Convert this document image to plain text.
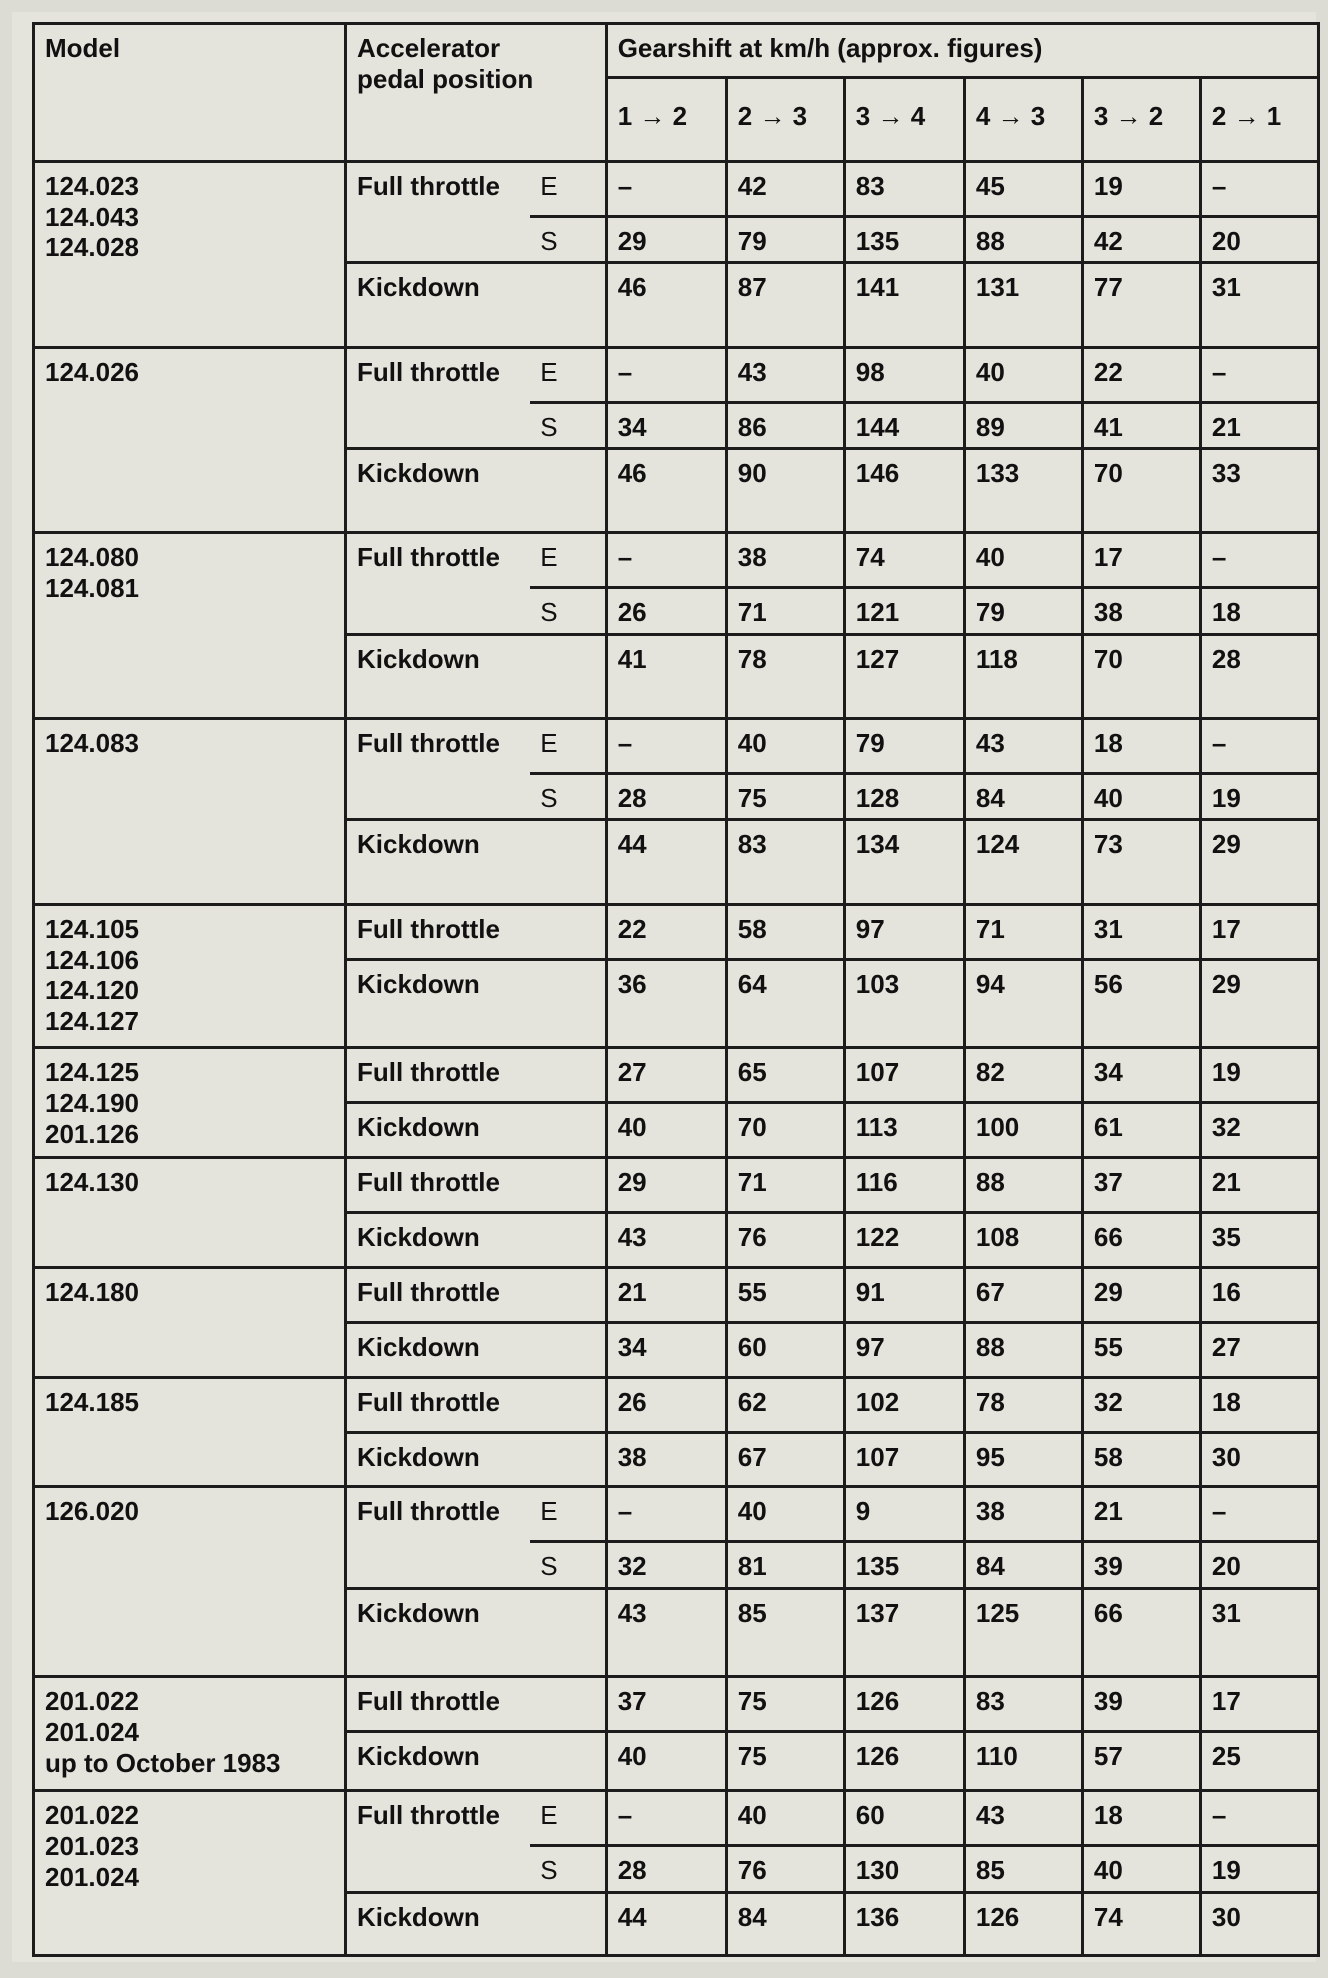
Model	Accelerator
pedal position		Gearshift at km/h (approx. figures)					
			1 → 2	2 → 3	3 → 4	4 → 3	3 → 2	2 → 1

124.023
124.043
124.028	Full throttle	E	–	42	83	45	19	–
		S	29	79	135	88	42	20
	Kickdown		46	87	141	131	77	31

124.026	Full throttle	E	–	43	98	40	22	–
		S	34	86	144	89	41	21
	Kickdown		46	90	146	133	70	33

124.080
124.081	Full throttle	E	–	38	74	40	17	–
		S	26	71	121	79	38	18
	Kickdown		41	78	127	118	70	28

124.083	Full throttle	E	–	40	79	43	18	–
		S	28	75	128	84	40	19
	Kickdown		44	83	134	124	73	29

124.105
124.106
124.120
124.127	Full throttle		22	58	97	71	31	17
	Kickdown		36	64	103	94	56	29

124.125
124.190
201.126	Full throttle		27	65	107	82	34	19
	Kickdown		40	70	113	100	61	32

124.130	Full throttle		29	71	116	88	37	21
	Kickdown		43	76	122	108	66	35

124.180	Full throttle		21	55	91	67	29	16
	Kickdown		34	60	97	88	55	27

124.185	Full throttle		26	62	102	78	32	18
	Kickdown		38	67	107	95	58	30

126.020	Full throttle	E	–	40	9	38	21	–
		S	32	81	135	84	39	20
	Kickdown		43	85	137	125	66	31

201.022
201.024
up to October 1983	Full throttle		37	75	126	83	39	17
	Kickdown		40	75	126	110	57	25

201.022
201.023
201.024	Full throttle	E	–	40	60	43	18	–
		S	28	76	130	85	40	19
	Kickdown		44	84	136	126	74	30
